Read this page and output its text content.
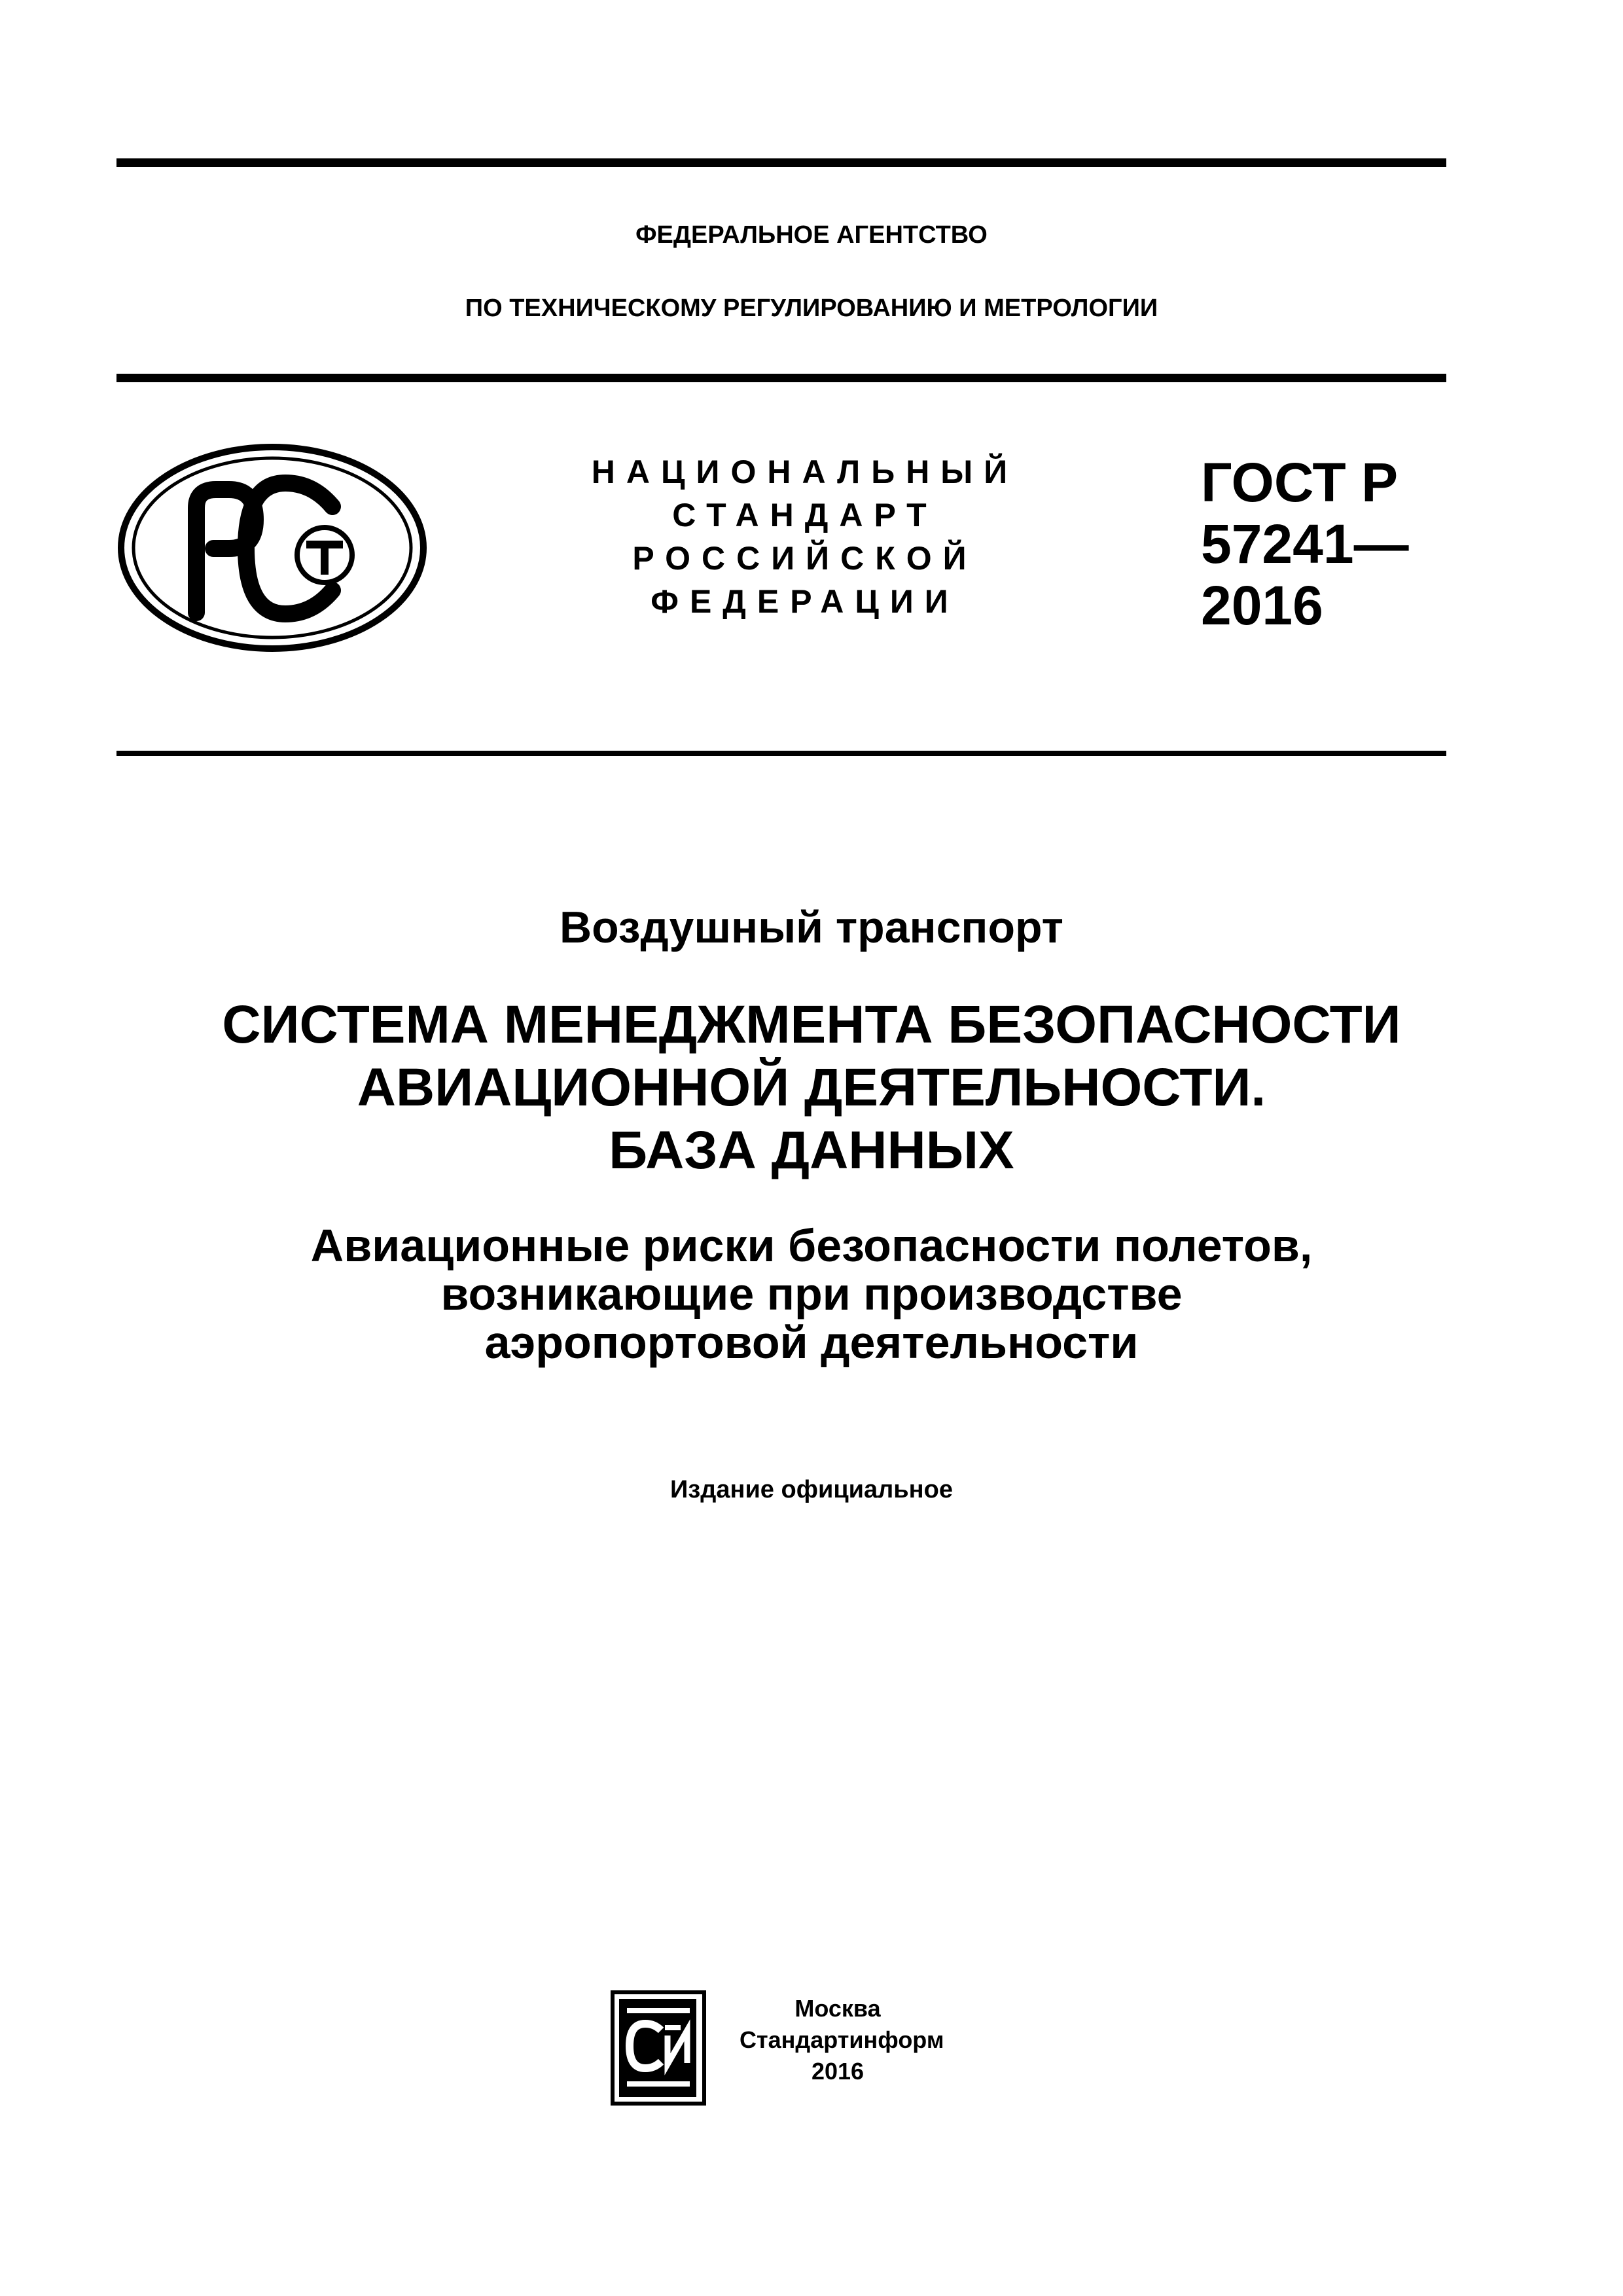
ФЕДЕРАЛЬНОЕ АГЕНТСТВО
ПО ТЕХНИЧЕСКОМУ РЕГУЛИРОВАНИЮ И МЕТРОЛОГИИ
НАЦИОНАЛЬНЫЙ
СТАНДАРТ
РОССИЙСКОЙ
ФЕДЕРАЦИИ
ГОСТ Р
57241—
2016
Воздушный транспорт
СИСТЕМА МЕНЕДЖМЕНТА БЕЗОПАСНОСТИ
АВИАЦИОННОЙ ДЕЯТЕЛЬНОСТИ.
БАЗА ДАННЫХ
Авиационные риски безопасности полетов,
возникающие при производстве
аэропортовой деятельности
Издание официальное
Москва
Стандартинформ
2016
